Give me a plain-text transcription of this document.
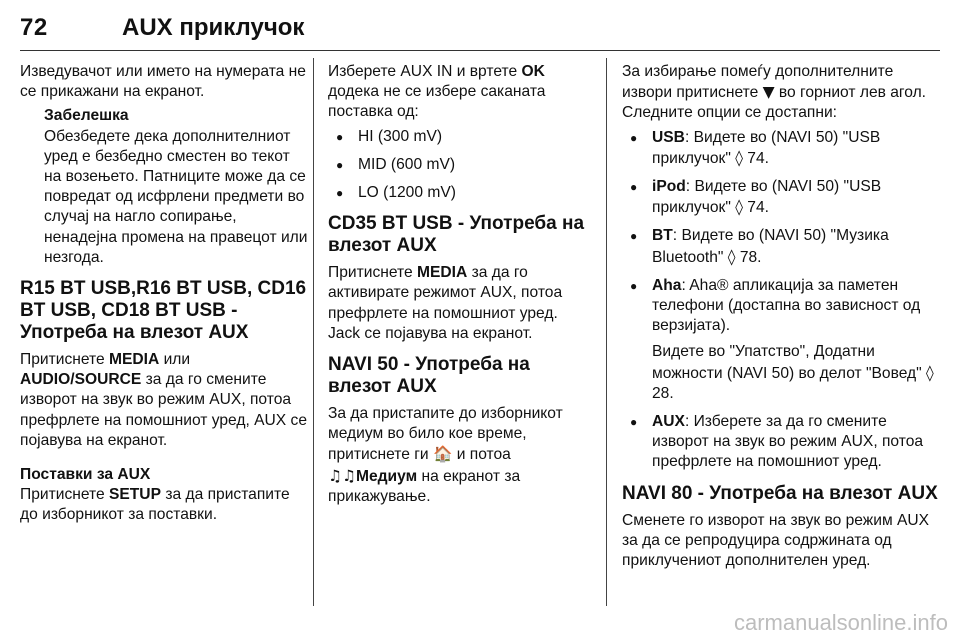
72	AUX приклучок

Изведувачот или името на нумерата не се прикажани на екранот.

Забелешка
Обезбедете дека дополнителниот уред е безбедно сместен во текот на возењето. Патниците може да се повредат од исфрлени предмети во случај на нагло сопирање, ненадејна промена на правецот или незгода.
R15 BT USB,R16 BT USB, CD16 BT USB, CD18 BT USB - Употреба на влезот AUX

Притиснете MEDIA или AUDIO/SOURCE за да го смените изворот на звук во режим AUX, потоа префрлете на помошниот уред, AUX се појавува на екранот.

Поставки за AUX

Притиснете SETUP за да пристапите до изборникот за поставки.

Изберете AUX IN и вртете OK додека не се избере саканата поставка од:

● HI (300 mV)
● MID (600 mV)
● LO (1200 mV)
CD35 BT USB - Употреба на влезот AUX

Притиснете MEDIA за да го активирате режимот AUX, потоа префрлете на помошниот уред. Jack се појавува на екранот.

NAVI 50 - Употреба на влезот AUX

За да пристапите до изборникот медиум во било кое време, притиснете ги 🏠 и потоа ♫♫Медиум на екранот за прикажување.

За избирање помеѓу дополнителните извори притиснете ▼ во горниот лев агол. Следните опции се достапни:

● USB: Видете во (NAVI 50) "USB приклучок" ◊ 74.
● iPod: Видете во (NAVI 50) "USB приклучок" ◊ 74.
● BT: Видете во (NAVI 50) "Музика Bluetooth" ◊ 78.
● Aha: Aha® апликација за паметен телефони (достапна во зависност од верзијата).
Видете во "Упатство", Додатни можности (NAVI 50) во делот "Вовед" ◊ 28.
● AUX: Изберете за да го смените изворот на звук во режим AUX, потоа префрлете на помошниот уред.
NAVI 80 - Употреба на влезот AUX

Сменете го изворот на звук во режим AUX за да се репродуцира содржината од приклучениот дополнителен уред.

carmanualsonline.info
